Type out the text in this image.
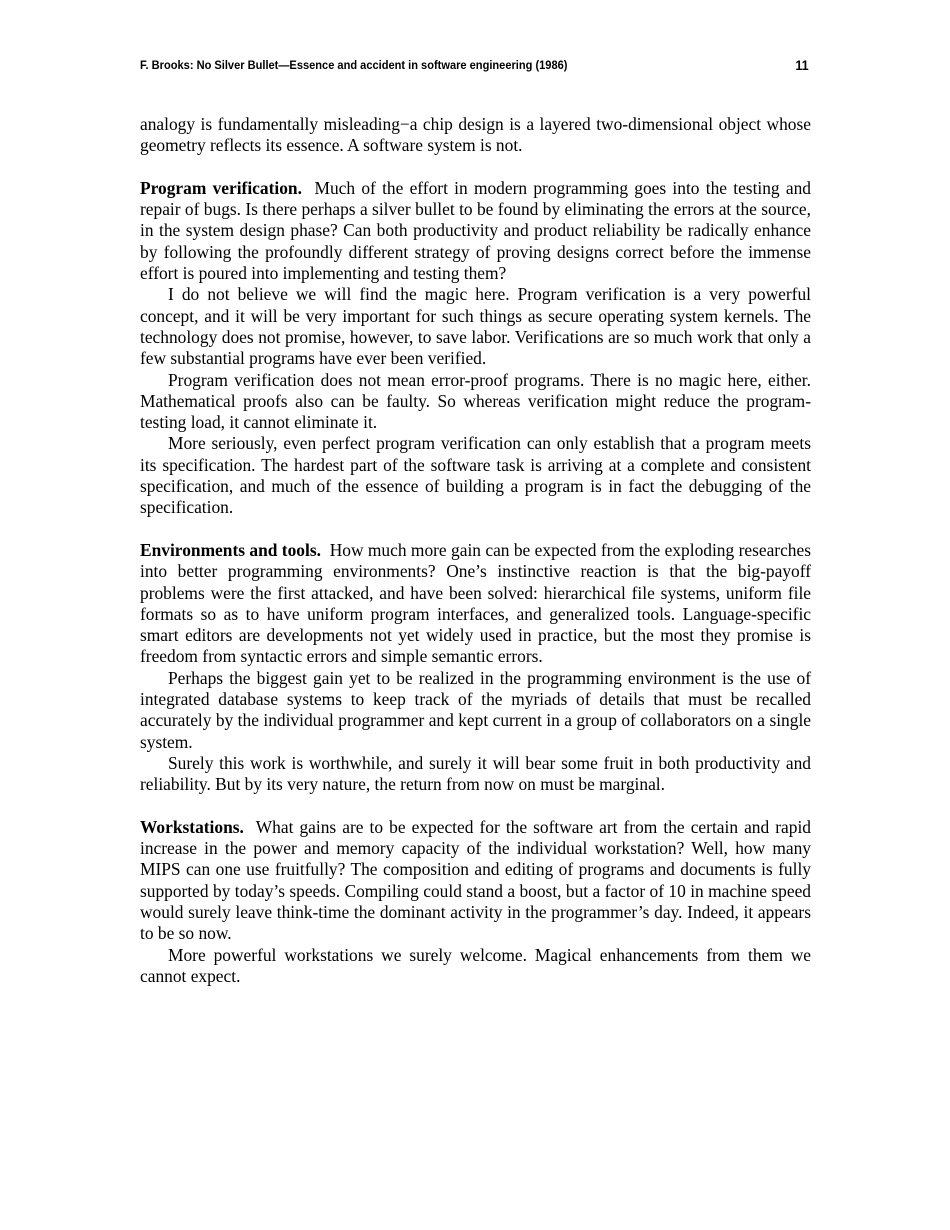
F. Brooks: No Silver Bullet—Essence and accident in software engineering (1986)	11

analogy is fundamentally misleading−a chip design is a layered two-dimensional object whose geometry reflects its essence. A software system is not.

Program verification. Much of the effort in modern programming goes into the testing and repair of bugs. Is there perhaps a silver bullet to be found by eliminating the errors at the source, in the system design phase? Can both productivity and product reliability be radically enhance by following the profoundly different strategy of proving designs correct before the immense effort is poured into implementing and testing them?

I do not believe we will find the magic here. Program verification is a very powerful concept, and it will be very important for such things as secure operating system kernels. The technology does not promise, however, to save labor. Verifications are so much work that only a few substantial programs have ever been verified.

Program verification does not mean error-proof programs. There is no magic here, either. Mathematical proofs also can be faulty. So whereas verification might reduce the program-testing load, it cannot eliminate it.

More seriously, even perfect program verification can only establish that a program meets its specification. The hardest part of the software task is arriving at a complete and consistent specification, and much of the essence of building a program is in fact the debugging of the specification.

Environments and tools. How much more gain can be expected from the exploding researches into better programming environments? One’s instinctive reaction is that the big-payoff problems were the first attacked, and have been solved: hierarchical file systems, uniform file formats so as to have uniform program interfaces, and generalized tools. Language-specific smart editors are developments not yet widely used in practice, but the most they promise is freedom from syntactic errors and simple semantic errors.

Perhaps the biggest gain yet to be realized in the programming environment is the use of integrated database systems to keep track of the myriads of details that must be recalled accurately by the individual programmer and kept current in a group of collaborators on a single system.

Surely this work is worthwhile, and surely it will bear some fruit in both productivity and reliability. But by its very nature, the return from now on must be marginal.

Workstations. What gains are to be expected for the software art from the certain and rapid increase in the power and memory capacity of the individual workstation? Well, how many MIPS can one use fruitfully? The composition and editing of programs and documents is fully supported by today’s speeds. Compiling could stand a boost, but a factor of 10 in machine speed would surely leave think-time the dominant activity in the programmer’s day. Indeed, it appears to be so now.

More powerful workstations we surely welcome. Magical enhancements from them we cannot expect.
